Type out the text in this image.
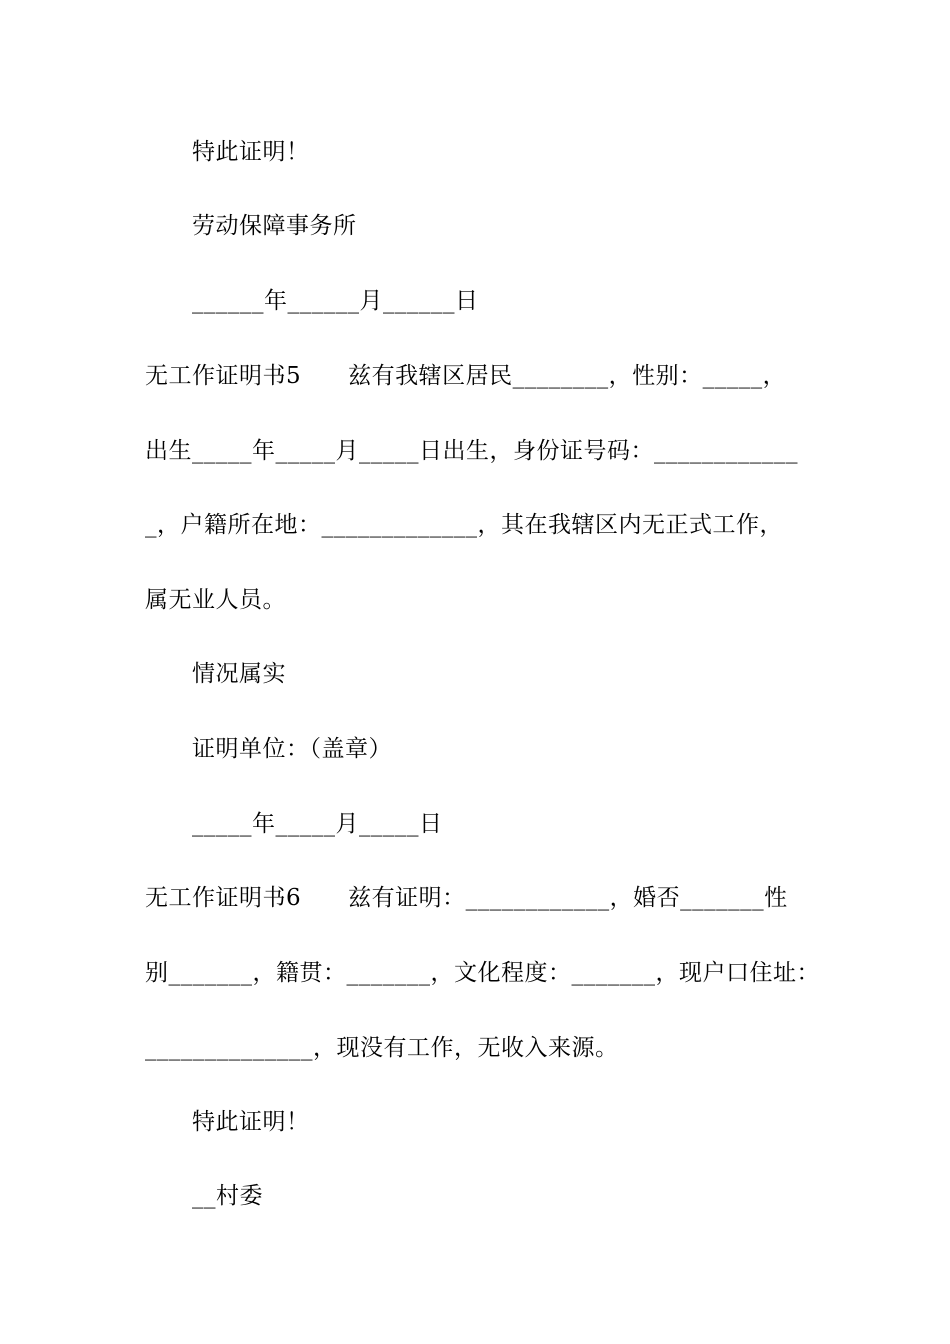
特此证明！
劳动保障事务所
______年______月______日
无工作证明书5　　兹有我辖区居民________，性别：_____，
出生_____年_____月_____日出生，身份证号码：____________
_，户籍所在地：_____________，其在我辖区内无正式工作，
属无业人员。
情况属实
证明单位：（盖章）
_____年_____月_____日
无工作证明书6　　兹有证明：____________，婚否_______性
别_______，籍贯：_______，文化程度：_______，现户口住址：
______________，现没有工作，无收入来源。
特此证明！
__村委
